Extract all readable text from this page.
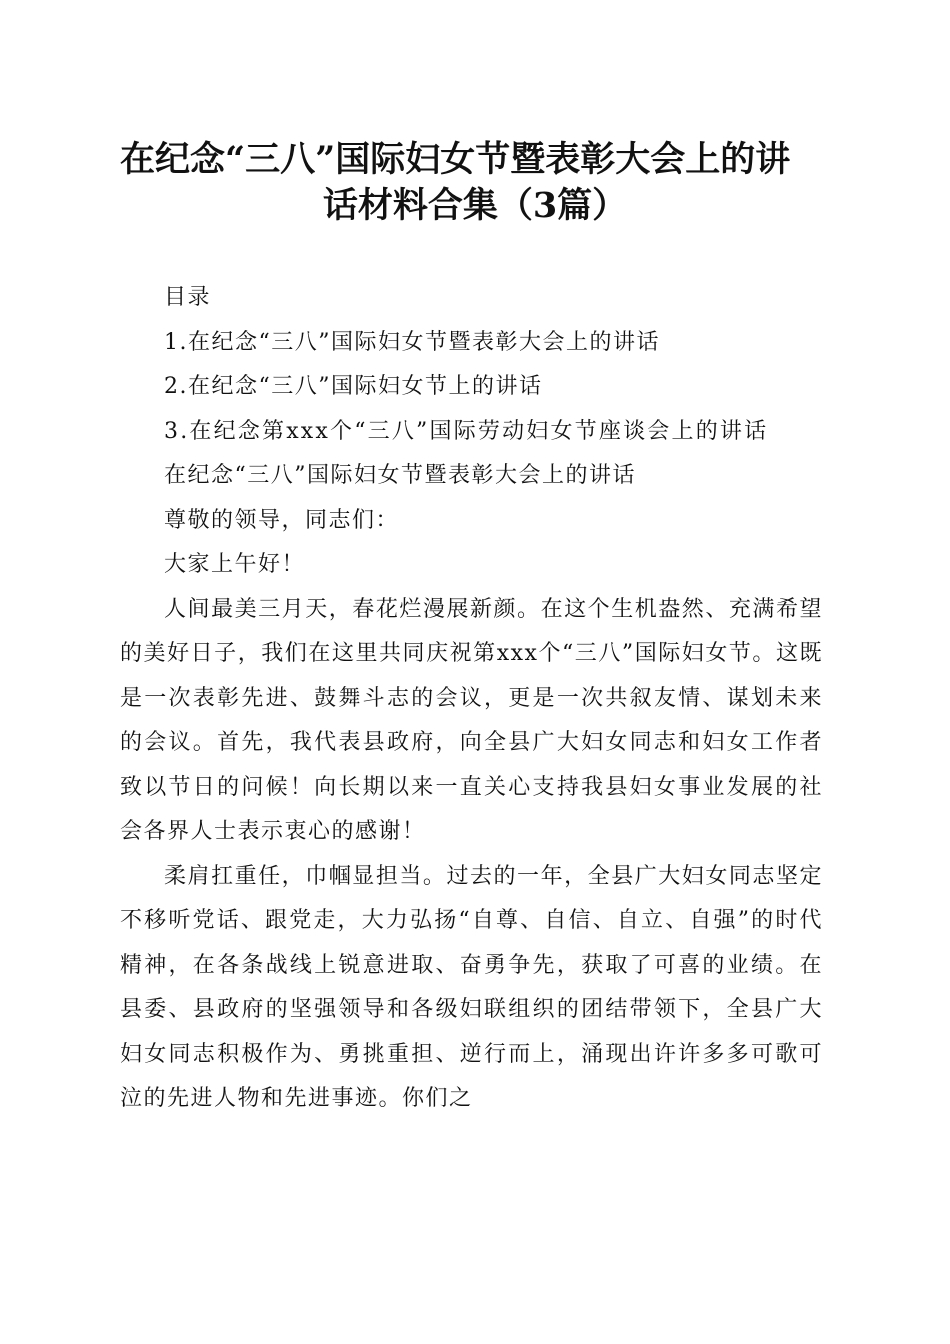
在纪念“三八”国际妇女节暨表彰大会上的讲
话材料合集（3篇）

目录

1.在纪念“三八”国际妇女节暨表彰大会上的讲话

2.在纪念“三八”国际妇女节上的讲话

3.在纪念第xxx个“三八”国际劳动妇女节座谈会上的讲话

在纪念“三八”国际妇女节暨表彰大会上的讲话

尊敬的领导，同志们：

大家上午好！

人间最美三月天，春花烂漫展新颜。在这个生机盎然、充满希望的美好日子，我们在这里共同庆祝第xxx个“三八”国际妇女节。这既是一次表彰先进、鼓舞斗志的会议，更是一次共叙友情、谋划未来的会议。首先，我代表县政府，向全县广大妇女同志和妇女工作者致以节日的问候！向长期以来一直关心支持我县妇女事业发展的社会各界人士表示衷心的感谢！

柔肩扛重任，巾帼显担当。过去的一年，全县广大妇女同志坚定不移听党话、跟党走，大力弘扬“自尊、自信、自立、自强”的时代精神，在各条战线上锐意进取、奋勇争先，获取了可喜的业绩。在县委、县政府的坚强领导和各级妇联组织的团结带领下，全县广大妇女同志积极作为、勇挑重担、逆行而上，涌现出许许多多可歌可泣的先进人物和先进事迹。你们之
